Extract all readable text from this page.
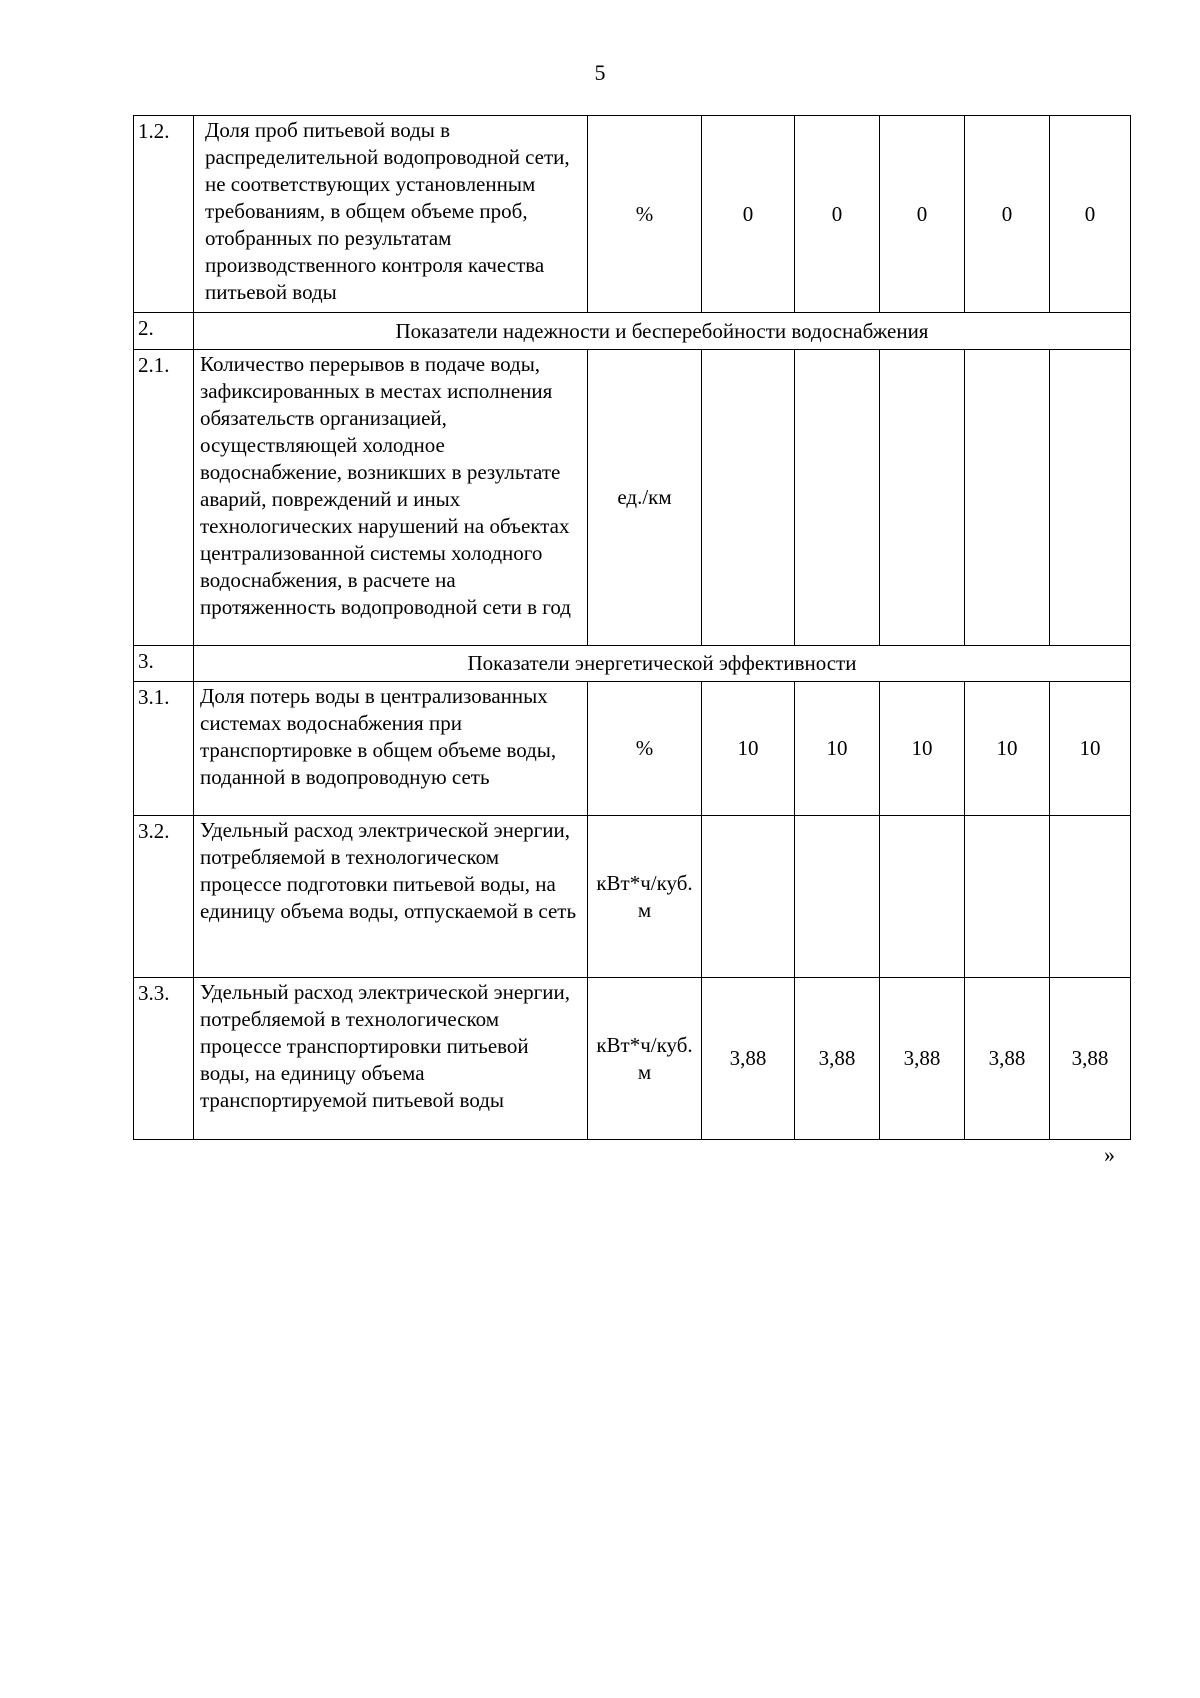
5
1.2.	Доля проб питьевой воды в распределительной водопроводной сети, не соответствующих установленным требованиям, в общем объеме проб, отобранных по результатам производственного контроля качества питьевой воды	%	0	0	0	0	0
2.	Показатели надежности и бесперебойности водоснабжения						
2.1.	Количество перерывов в подаче воды, зафиксированных в местах исполнения обязательств организацией, осуществляющей холодное водоснабжение, возникших в результате аварий, повреждений и иных технологических нарушений на объектах централизованной системы холодного водоснабжения, в расчете на протяженность водопроводной сети в год	ед./км					
3.	Показатели энергетической эффективности						
3.1.	Доля потерь воды в централизованных системах водоснабжения при транспортировке в общем объеме воды, поданной в водопроводную сеть	%	10	10	10	10	10
3.2.	Удельный расход электрической энергии, потребляемой в технологическом процессе подготовки питьевой воды, на единицу объема воды, отпускаемой в сеть	кВт*ч/куб. м					
3.3.	Удельный расход электрической энергии, потребляемой в технологическом процессе транспортировки питьевой воды, на единицу объема транспортируемой питьевой воды	кВт*ч/куб. м	3,88	3,88	3,88	3,88	3,88
»
